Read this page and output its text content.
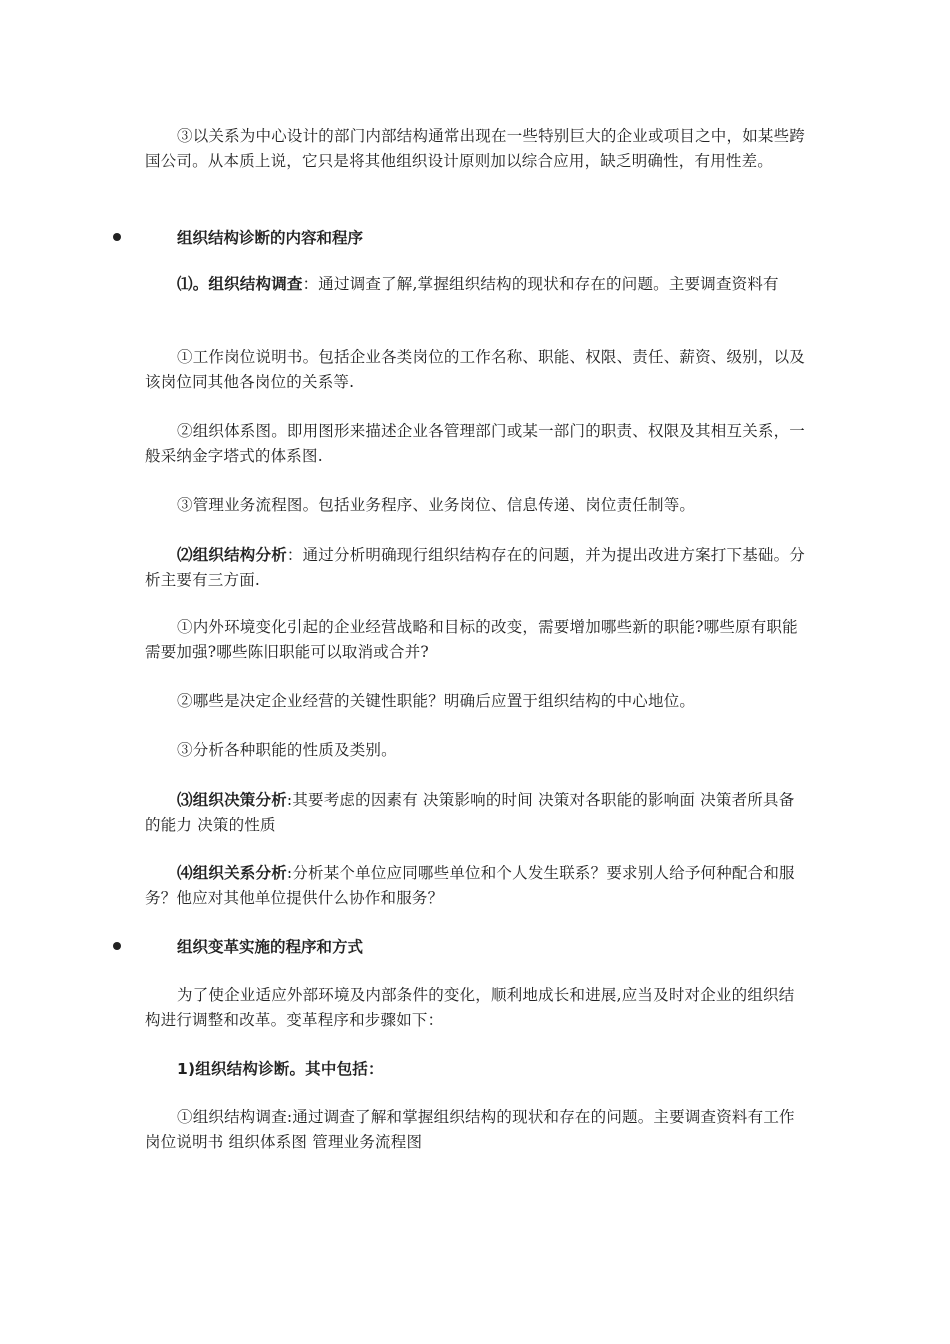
③以关系为中心设计的部门内部结构通常出现在一些特别巨大的企业或项目之中，如某些跨国公司。从本质上说，它只是将其他组织设计原则加以综合应用，缺乏明确性，有用性差。

组织结构诊断的内容和程序

⑴。组织结构调查：通过调查了解,掌握组织结构的现状和存在的问题。主要调查资料有

①工作岗位说明书。包括企业各类岗位的工作名称、职能、权限、责任、薪资、级别，以及该岗位同其他各岗位的关系等.

②组织体系图。即用图形来描述企业各管理部门或某一部门的职责、权限及其相互关系，一般采纳金字塔式的体系图.

③管理业务流程图。包括业务程序、业务岗位、信息传递、岗位责任制等。

⑵组织结构分析：通过分析明确现行组织结构存在的问题，并为提出改进方案打下基础。分析主要有三方面.

①内外环境变化引起的企业经营战略和目标的改变，需要增加哪些新的职能?哪些原有职能需要加强?哪些陈旧职能可以取消或合并?

②哪些是决定企业经营的关键性职能？明确后应置于组织结构的中心地位。

③分析各种职能的性质及类别。

⑶组织决策分析:其要考虑的因素有 决策影响的时间 决策对各职能的影响面 决策者所具备的能力 决策的性质

⑷组织关系分析:分析某个单位应同哪些单位和个人发生联系？要求别人给予何种配合和服务？他应对其他单位提供什么协作和服务？

组织变革实施的程序和方式

为了使企业适应外部环境及内部条件的变化，顺利地成长和进展,应当及时对企业的组织结构进行调整和改革。变革程序和步骤如下：

1)组织结构诊断。其中包括：

①组织结构调查:通过调查了解和掌握组织结构的现状和存在的问题。主要调查资料有工作岗位说明书 组织体系图 管理业务流程图
